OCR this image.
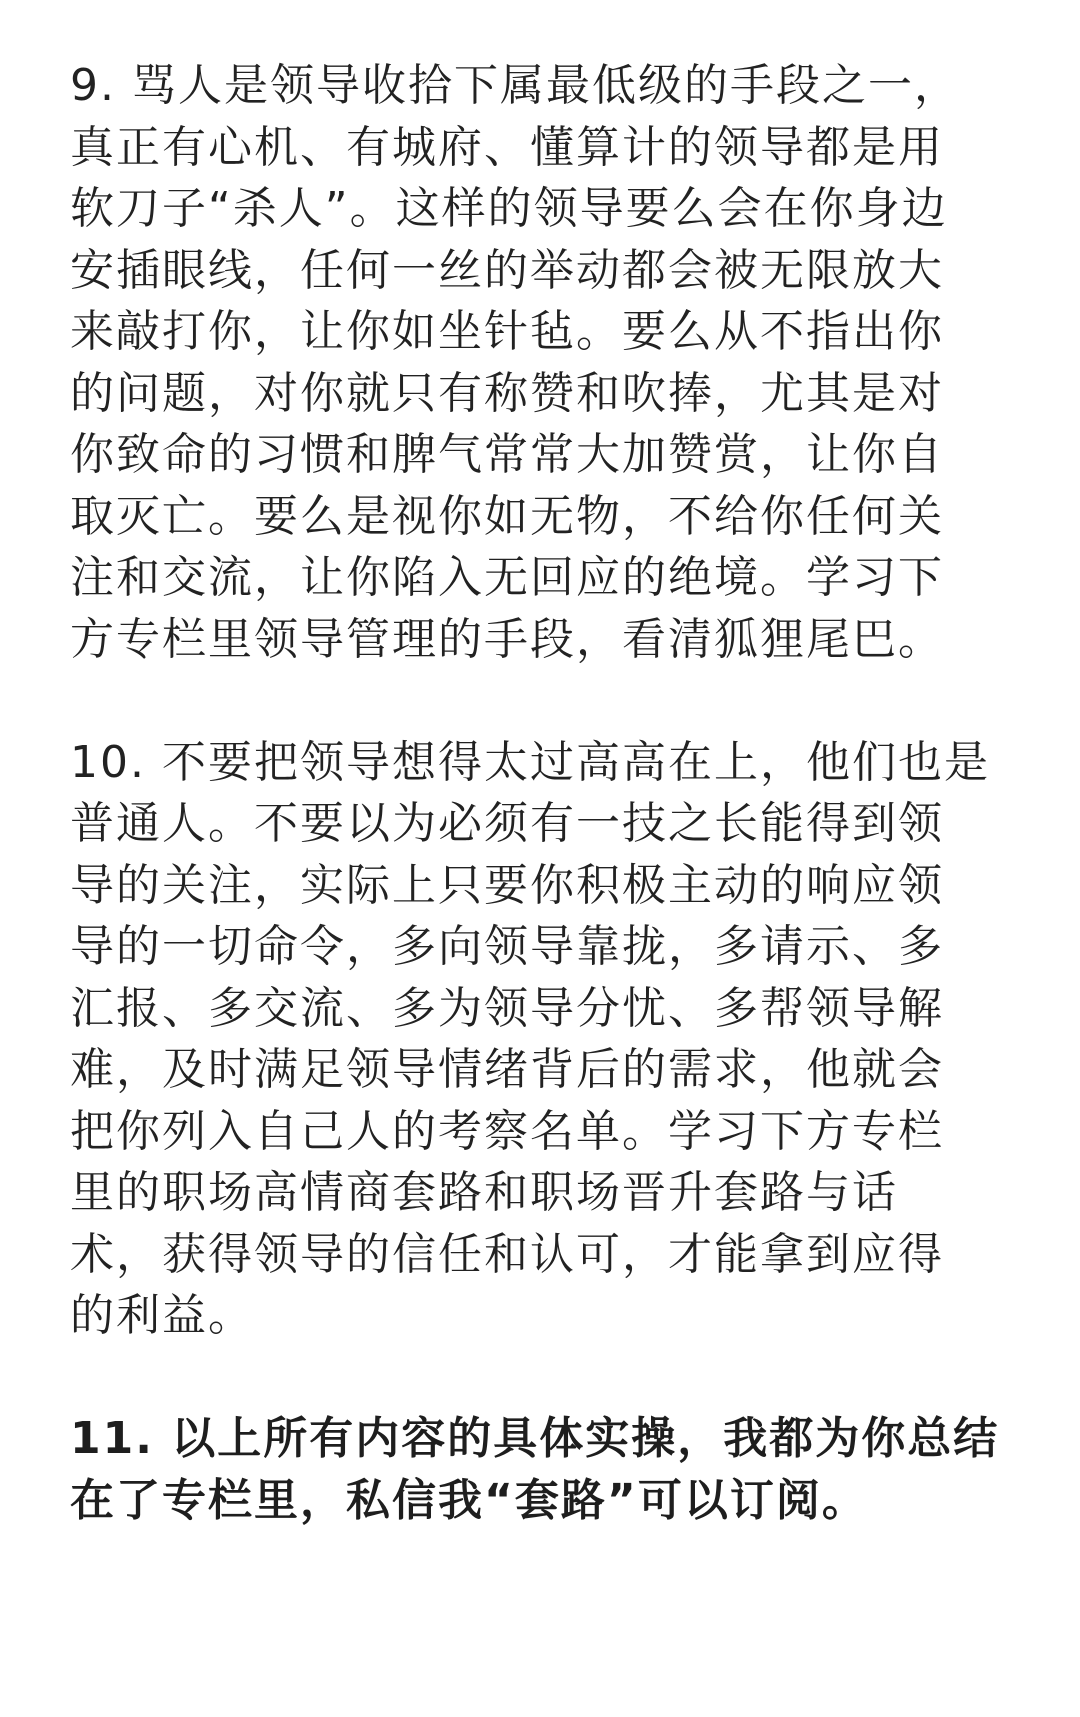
9. 骂人是领导收拾下属最低级的手段之一，
真正有心机、有城府、懂算计的领导都是用
软刀子“杀人”。这样的领导要么会在你身边
安插眼线，任何一丝的举动都会被无限放大
来敲打你，让你如坐针毡。要么从不指出你
的问题，对你就只有称赞和吹捧，尤其是对
你致命的习惯和脾气常常大加赞赏，让你自
取灭亡。要么是视你如无物，不给你任何关
注和交流，让你陷入无回应的绝境。学习下
方专栏里领导管理的手段，看清狐狸尾巴。
10. 不要把领导想得太过高高在上，他们也是
普通人。不要以为必须有一技之长能得到领
导的关注，实际上只要你积极主动的响应领
导的一切命令，多向领导靠拢，多请示、多
汇报、多交流、多为领导分忧、多帮领导解
难，及时满足领导情绪背后的需求，他就会
把你列入自己人的考察名单。学习下方专栏
里的职场高情商套路和职场晋升套路与话
术，获得领导的信任和认可，才能拿到应得
的利益。
11. 以上所有内容的具体实操，我都为你总结
在了专栏里，私信我“套路”可以订阅。
